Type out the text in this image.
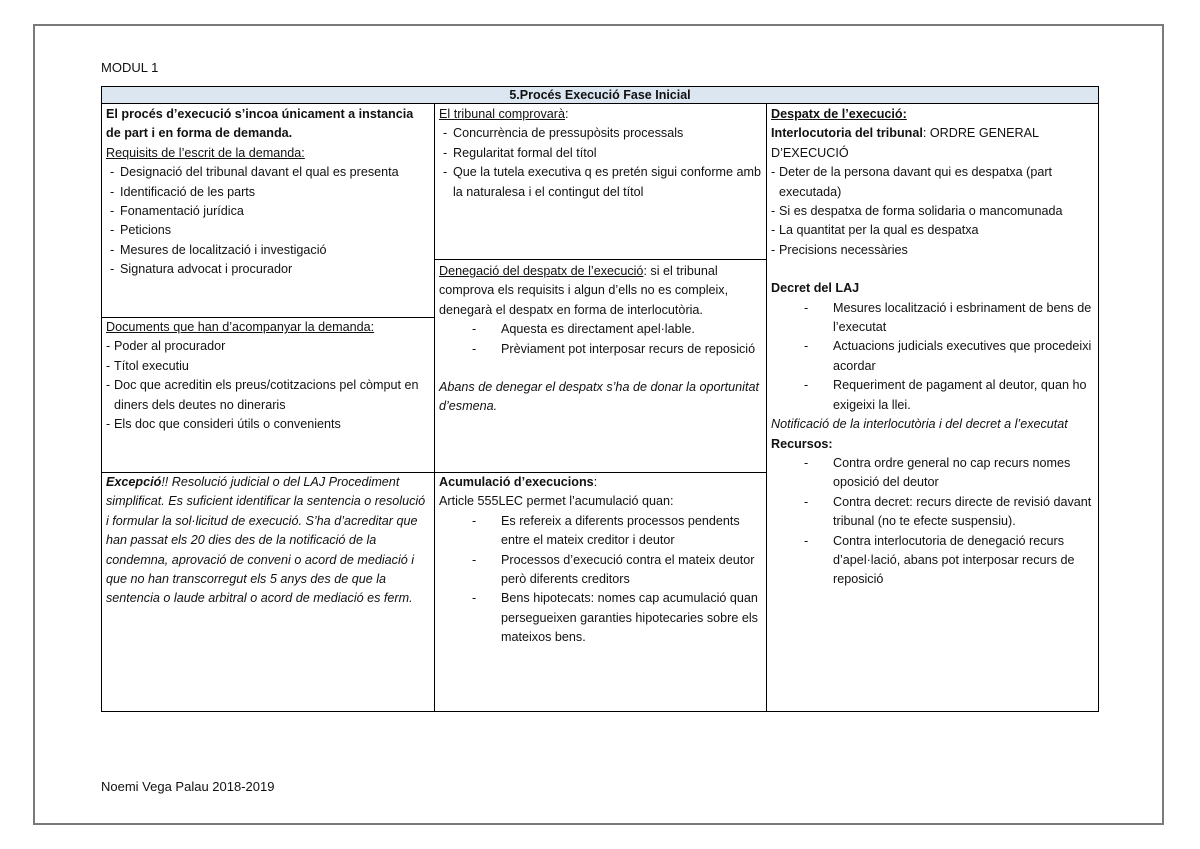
MODUL 1
5.Procés Execució Fase Inicial

El procés d’execució s’incoa únicament a instancia de part i en forma de demanda.

Requisits de l’escrit de la demanda:

- Designació del tribunal davant el qual es presenta
- Identificació de les parts
- Fonamentació jurídica
- Peticions
- Mesures de localització i investigació
- Signatura advocat i procurador

Documents que han d’acompanyar la demanda:

- Poder al procurador
- Títol executiu
- Doc que acreditin els preus/cotitzacions pel còmput en diners dels deutes no dineraris
- Els doc que consideri útils o convenients

Excepció!! Resolució judicial o del LAJ Procediment simplificat. Es suficient identificar la sentencia o resolució i formular la sol·licitud de execució. S’ha d’acreditar que han passat els 20 dies des de la notificació de la condemna, aprovació de conveni o acord de mediació i que no han transcorregut els 5 anys des de que la sentencia o laude arbitral o acord de mediació es ferm.

El tribunal comprovarà:

- Concurrència de pressupòsits processals
- Regularitat formal del títol
- Que la tutela executiva q es pretén sigui conforme amb la naturalesa i el contingut del títol

Denegació del despatx de l’execució: si el tribunal comprova els requisits i algun d’ells no es compleix, denegarà el despatx en forma de interlocutòria.

- Aquesta es directament apel·lable.
- Prèviament pot interposar recurs de reposició

Abans de denegar el despatx s’ha de donar la oportunitat d’esmena.

Acumulació d’execucions:

Article 555LEC permet l’acumulació quan:

- Es refereix a diferents processos pendents entre el mateix creditor i deutor
- Processos d’execució contra el mateix deutor però diferents creditors
- Bens hipotecats: nomes cap acumulació quan persegueixen garanties hipotecaries sobre els mateixos bens.

Despatx de l’execució:

Interlocutoria del tribunal: ORDRE GENERAL D’EXECUCIÓ

- Deter de la persona davant qui es despatxa (part executada)
- Si es despatxa de forma solidaria o mancomunada
- La quantitat per la qual es despatxa
- Precisions necessàries

Decret del LAJ

- Mesures localització i esbrinament de bens de l’executat
- Actuacions judicials executives que procedeixi acordar
- Requeriment de pagament al deutor, quan ho exigeixi la llei.

Notificació de la interlocutòria i del decret a l’executat

Recursos:

- Contra ordre general no cap recurs nomes oposició del deutor
- Contra decret: recurs directe de revisió davant tribunal (no te efecte suspensiu).
- Contra interlocutoria de denegació recurs d’apel·lació, abans pot interposar recurs de reposició
Noemi Vega Palau 2018-2019
